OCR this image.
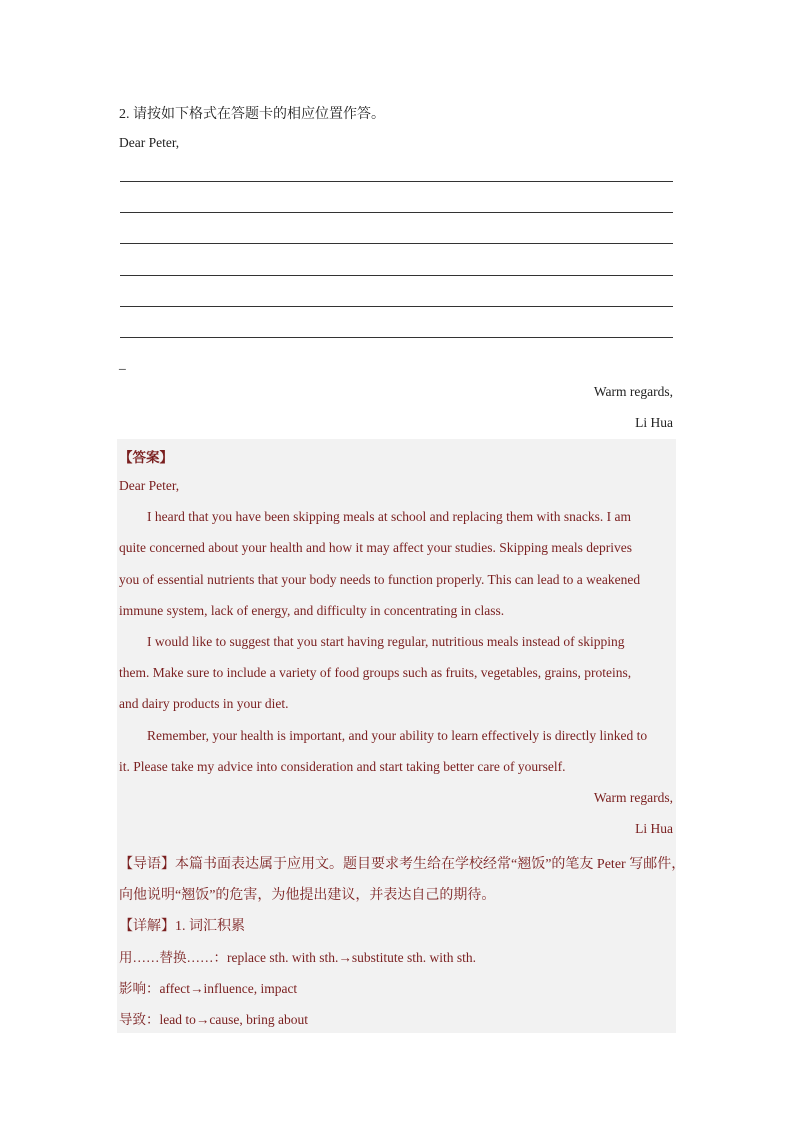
2. 请按如下格式在答题卡的相应位置作答。
Dear Peter,
_
Warm regards,
Li Hua
【答案】
Dear Peter,
I heard that you have been skipping meals at school and replacing them with snacks. I am
quite concerned about your health and how it may affect your studies. Skipping meals deprives
you of essential nutrients that your body needs to function properly. This can lead to a weakened
immune system, lack of energy, and difficulty in concentrating in class.
I would like to suggest that you start having regular, nutritious meals instead of skipping
them. Make sure to include a variety of food groups such as fruits, vegetables, grains, proteins,
and dairy products in your diet.
Remember, your health is important, and your ability to learn effectively is directly linked to
it. Please take my advice into consideration and start taking better care of yourself.
Warm regards,
Li Hua
【导语】本篇书面表达属于应用文。题目要求考生给在学校经常“翘饭”的笔友 Peter 写邮件，
向他说明“翘饭”的危害，为他提出建议，并表达自己的期待。
【详解】1. 词汇积累
用……替换……：replace sth. with sth.→substitute sth. with sth.
影响：affect→influence, impact
导致：lead to→cause, bring about
